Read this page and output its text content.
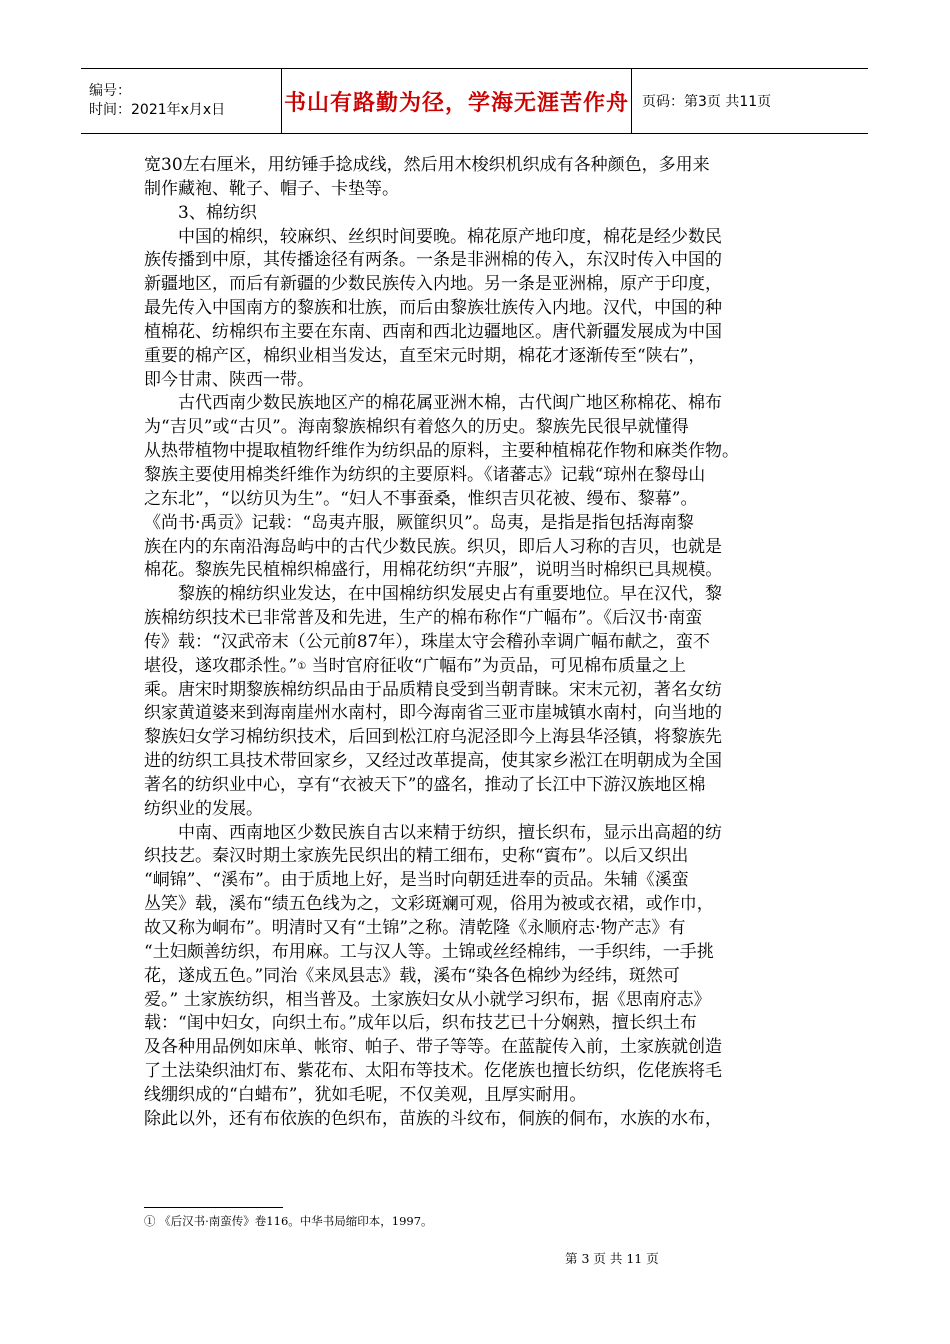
编号：
时间：2021年x月x日	书山有路勤为径，学海无涯苦作舟 页码：第3页 共11页
宽30左右厘米，用纺锤手捻成线，然后用木梭织机织成有各种颜色，多用来
制作藏袍、靴子、帽子、卡垫等。
3、棉纺织
中国的棉织，较麻织、丝织时间要晚。棉花原产地印度，棉花是经少数民
族传播到中原，其传播途径有两条。一条是非洲棉的传入，东汉时传入中国的
新疆地区，而后有新疆的少数民族传入内地。另一条是亚洲棉，原产于印度，
最先传入中国南方的黎族和壮族，而后由黎族壮族传入内地。汉代，中国的种
植棉花、纺棉织布主要在东南、西南和西北边疆地区。唐代新疆发展成为中国
重要的棉产区，棉织业相当发达，直至宋元时期，棉花才逐渐传至“陕右”，
即今甘肃、陕西一带。
古代西南少数民族地区产的棉花属亚洲木棉，古代闽广地区称棉花、棉布
为“吉贝”或“古贝”。海南黎族棉织有着悠久的历史。黎族先民很早就懂得
从热带植物中提取植物纤维作为纺织品的原料，主要种植棉花作物和麻类作物。
黎族主要使用棉类纤维作为纺织的主要原料。《诸蕃志》记载“琼州在黎母山
之东北”，“以纺贝为生”。“妇人不事蚕桑，惟织吉贝花被、缦布、黎幕”。
《尚书·禹贡》记载：“岛夷卉服，厥篚织贝”。岛夷，是指是指包括海南黎
族在内的东南沿海岛屿中的古代少数民族。织贝，即后人习称的吉贝，也就是
棉花。黎族先民植棉织棉盛行，用棉花纺织“卉服”，说明当时棉织已具规模。
黎族的棉纺织业发达，在中国棉纺织发展史占有重要地位。早在汉代，黎
族棉纺织技术已非常普及和先进，生产的棉布称作“广幅布”。《后汉书·南蛮
传》载：“汉武帝末（公元前87年），珠崖太守会稽孙幸调广幅布献之，蛮不
堪役，遂攻郡杀性。”① 当时官府征收“广幅布”为贡品，可见棉布质量之上
乘。唐宋时期黎族棉纺织品由于品质精良受到当朝青睐。宋末元初，著名女纺
织家黄道婆来到海南崖州水南村，即今海南省三亚市崖城镇水南村，向当地的
黎族妇女学习棉纺织技术，后回到松江府乌泥泾即今上海县华泾镇，将黎族先
进的纺织工具技术带回家乡，又经过改革提高，使其家乡淞江在明朝成为全国
著名的纺织业中心，享有“衣被天下”的盛名，推动了长江中下游汉族地区棉
纺织业的发展。
中南、西南地区少数民族自古以来精于纺织，擅长织布，显示出高超的纺
织技艺。秦汉时期土家族先民织出的精工细布，史称“賨布”。以后又织出
“峒锦”、“溪布”。由于质地上好，是当时向朝廷进奉的贡品。朱辅《溪蛮
丛笑》载，溪布“绩五色线为之，文彩斑斓可观，俗用为被或衣裙，或作巾，
故又称为峒布”。明清时又有“土锦”之称。清乾隆《永顺府志·物产志》有
“土妇颇善纺织，布用麻。工与汉人等。土锦或丝经棉纬，一手织纬，一手挑
花，遂成五色。”同治《来凤县志》载，溪布“染各色棉纱为经纬，斑然可
爱。” 土家族纺织，相当普及。土家族妇女从小就学习织布，据《思南府志》
载：“闺中妇女，向织土布。”成年以后，织布技艺已十分娴熟，擅长织土布
及各种用品例如床单、帐帘、帕子、带子等等。在蓝靛传入前，土家族就创造
了土法染织油灯布、紫花布、太阳布等技术。仡佬族也擅长纺织，仡佬族将毛
线绷织成的“白蜡布”，犹如毛呢，不仅美观，且厚实耐用。
除此以外，还有布依族的色织布，苗族的斗纹布，侗族的侗布，水族的水布，
① 《后汉书·南蛮传》卷116。中华书局缩印本，1997。
第 3 页 共 11 页
